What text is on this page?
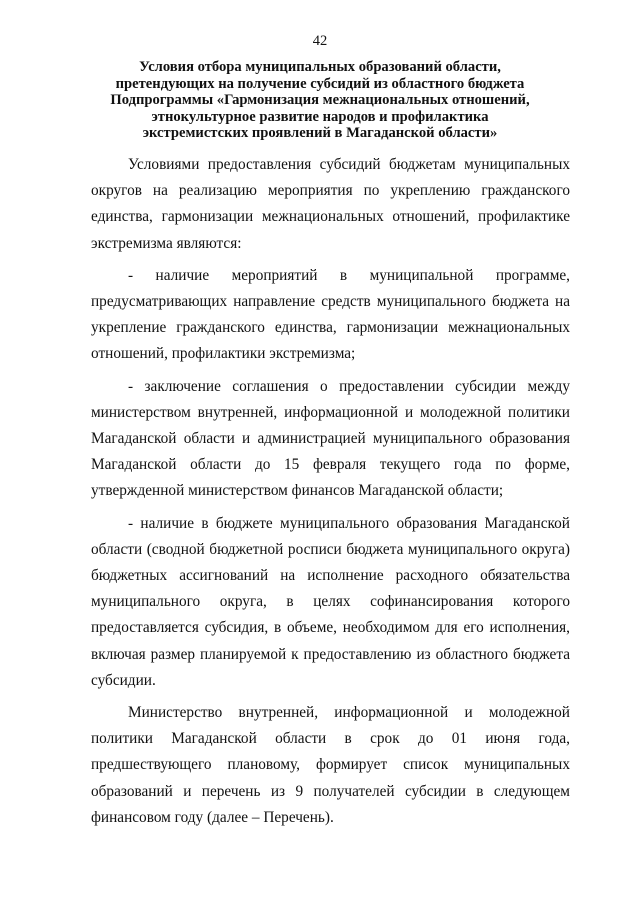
42
Условия отбора муниципальных образований области,
претендующих на получение субсидий из областного бюджета
Подпрограммы «Гармонизация межнациональных отношений,
этнокультурное развитие народов и профилактика
экстремистских проявлений в Магаданской области»

Условиями предоставления субсидий бюджетам муниципальных округов на реализацию мероприятия по укреплению гражданского единства, гармонизации межнациональных отношений, профилактике экстремизма являются:

- наличие мероприятий в муниципальной программе, предусматривающих направление средств муниципального бюджета на укрепление гражданского единства, гармонизации межнациональных отношений, профилактики экстремизма;

- заключение соглашения о предоставлении субсидии между министерством внутренней, информационной и молодежной политики Магаданской области и администрацией муниципального образования Магаданской области до 15 февраля текущего года по форме, утвержденной министерством финансов Магаданской области;

- наличие в бюджете муниципального образования Магаданской области (сводной бюджетной росписи бюджета муниципального округа) бюджетных ассигнований на исполнение расходного обязательства муниципального округа, в целях софинансирования которого предоставляется субсидия, в объеме, необходимом для его исполнения, включая размер планируемой к предоставлению из областного бюджета субсидии.

Министерство внутренней, информационной и молодежной политики Магаданской области в срок до 01 июня года, предшествующего плановому, формирует список муниципальных образований и перечень из 9 получателей субсидии в следующем финансовом году (далее – Перечень).
